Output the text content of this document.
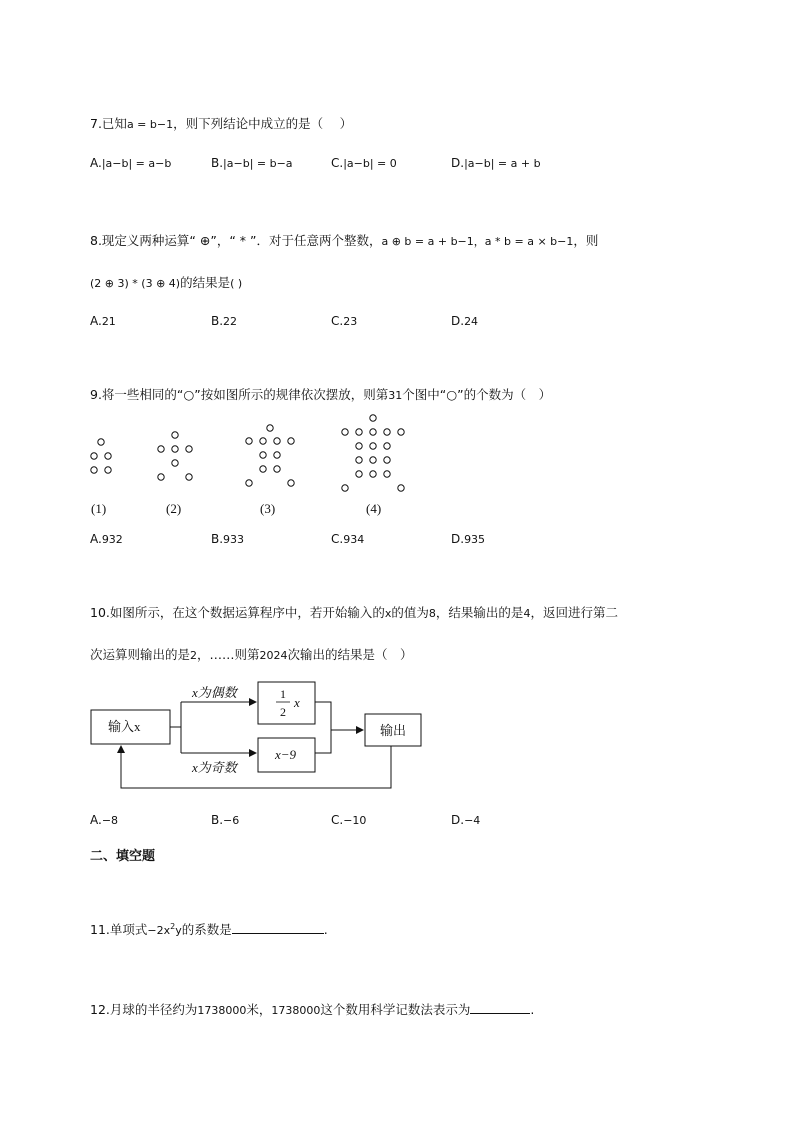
7.已知a = b−1，则下列结论中成立的是（　 ）
A.|a−b| = a−b	B.|a−b| = b−a	C.|a−b| = 0	D.|a−b| = a + b
8.现定义两种运算“ ⊕”，“ * ”．对于任意两个整数，a ⊕ b = a + b−1，a * b = a × b−1，则
(2 ⊕ 3) * (3 ⊕ 4)的结果是( )
A.21	B.22	C.23	D.24
9.将一些相同的“○”按如图所示的规律依次摆放，则第31个图中“○”的个数为（　）
(1)	(2)	(3)	(4)
A.932	B.933	C.934	D.935
10.如图所示，在这个数据运算程序中，若开始输入的x的值为8，结果输出的是4，返回进行第二
次运算则输出的是2，……则第2024次输出的结果是（　）
输入x
x为偶数
x为奇数
1
2
x
x−9
输出
A.−8	B.−6	C.−10	D.−4
二、填空题
11.单项式$-2x^2y$的系数是	.
12.月球的半径约为1738000米，1738000这个数用科学记数法表示为	.
